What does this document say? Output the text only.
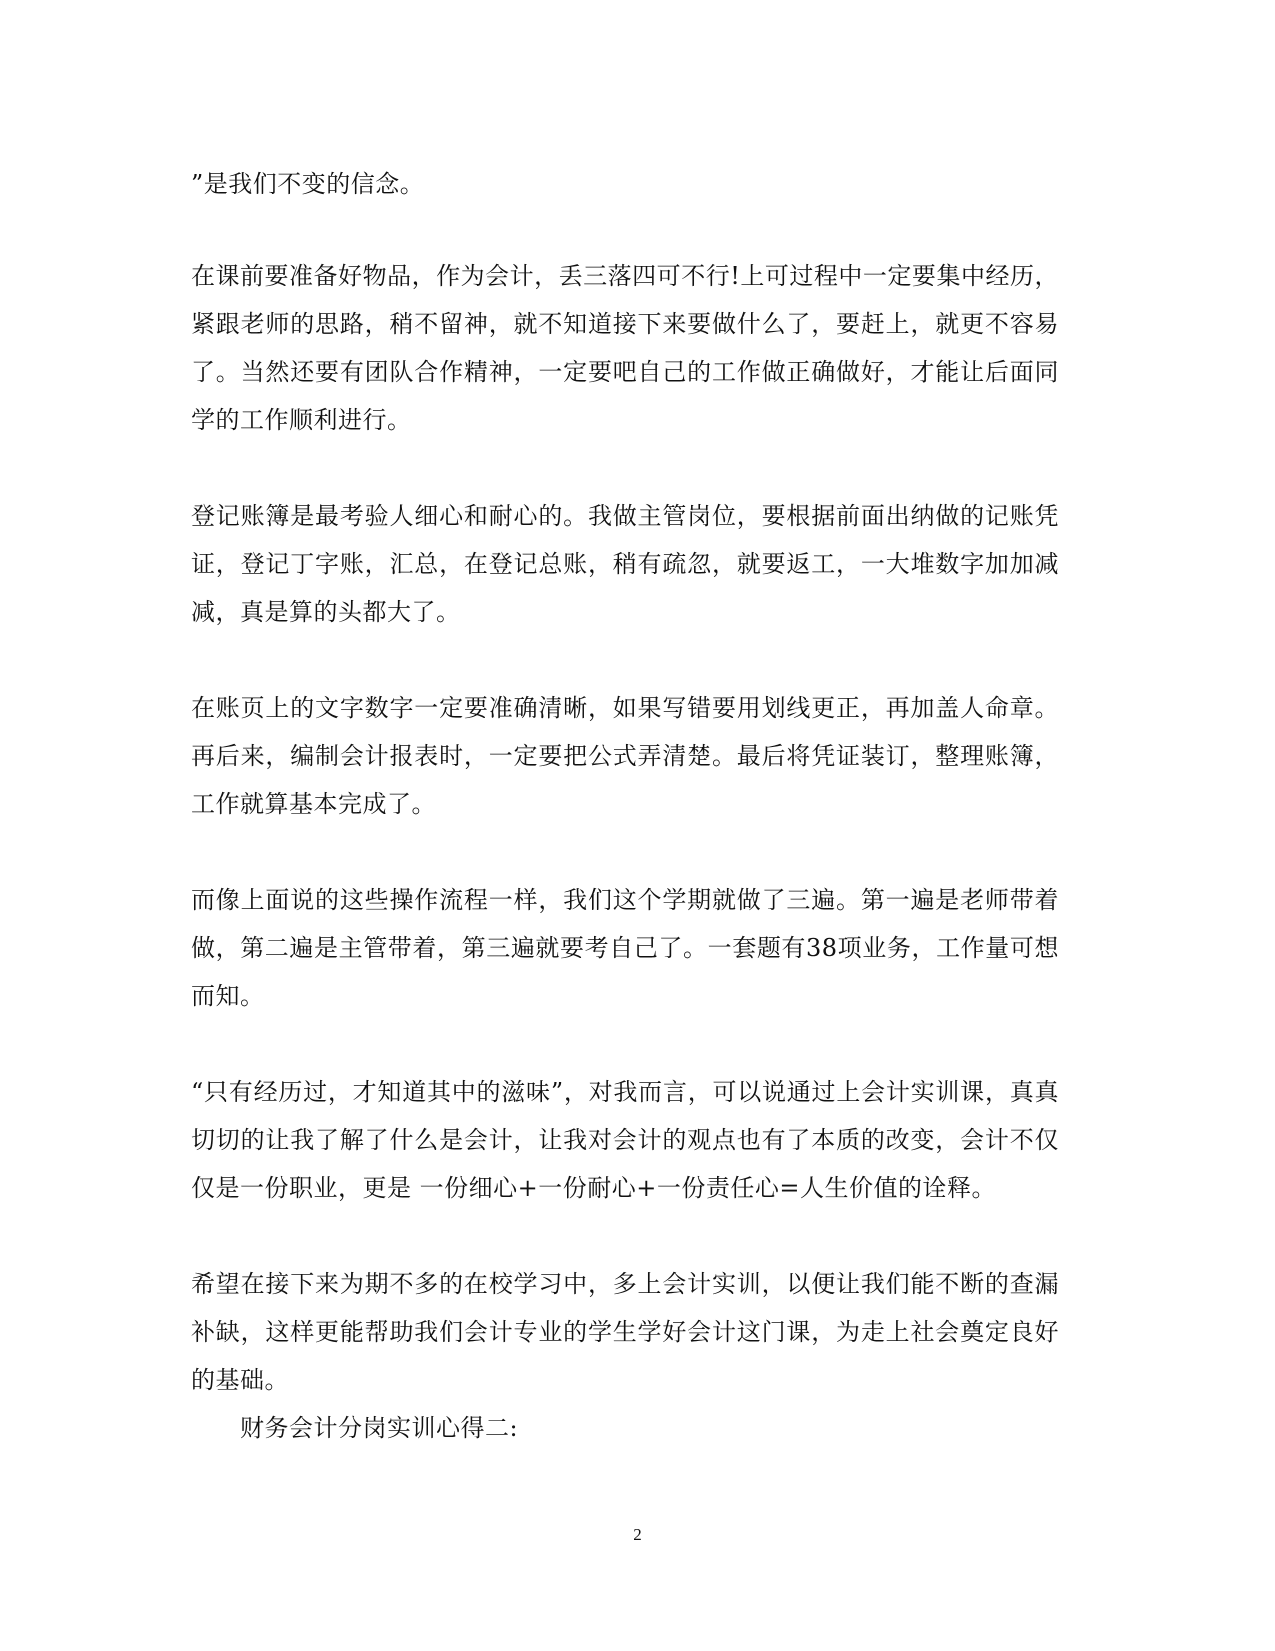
”是我们不变的信念。

在课前要准备好物品，作为会计，丢三落四可不行!上可过程中一定要集中经历，紧跟老师的思路，稍不留神，就不知道接下来要做什么了，要赶上，就更不容易了。当然还要有团队合作精神，一定要吧自己的工作做正确做好，才能让后面同学的工作顺利进行。

登记账簿是最考验人细心和耐心的。我做主管岗位，要根据前面出纳做的记账凭证，登记丁字账，汇总，在登记总账，稍有疏忽，就要返工，一大堆数字加加减减，真是算的头都大了。

在账页上的文字数字一定要准确清晰，如果写错要用划线更正，再加盖人命章。再后来，编制会计报表时，一定要把公式弄清楚。最后将凭证装订，整理账簿，工作就算基本完成了。

而像上面说的这些操作流程一样，我们这个学期就做了三遍。第一遍是老师带着做，第二遍是主管带着，第三遍就要考自己了。一套题有38项业务，工作量可想而知。

“只有经历过，才知道其中的滋味”，对我而言，可以说通过上会计实训课，真真切切的让我了解了什么是会计，让我对会计的观点也有了本质的改变，会计不仅仅是一份职业，更是 一份细心+一份耐心+一份责任心=人生价值的诠释。

希望在接下来为期不多的在校学习中，多上会计实训，以便让我们能不断的查漏补缺，这样更能帮助我们会计专业的学生学好会计这门课，为走上社会奠定良好的基础。

财务会计分岗实训心得二:

2
